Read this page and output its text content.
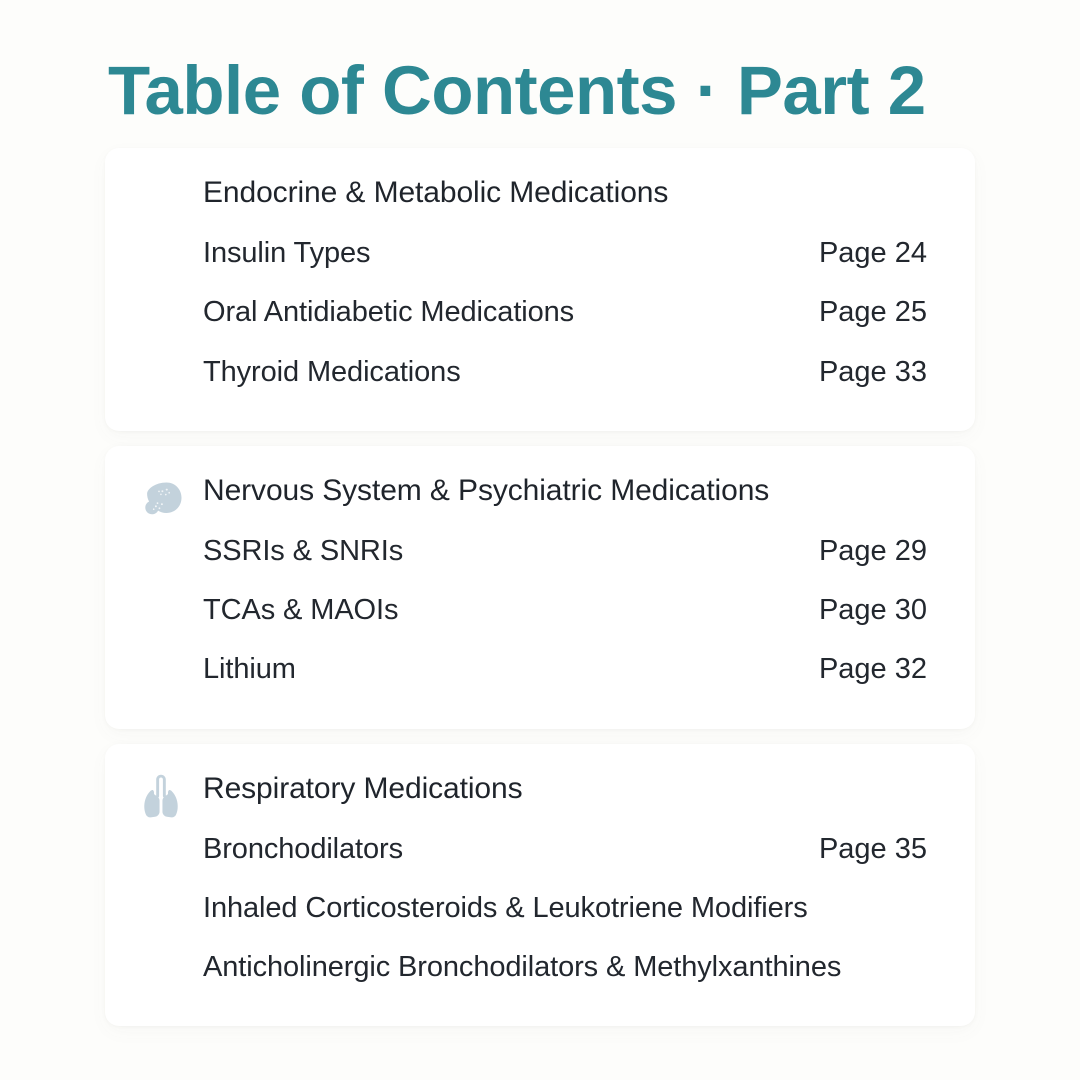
Table of Contents · Part 2
Endocrine & Metabolic Medications
Insulin Types	Page 24
Oral Antidiabetic Medications	Page 25
Thyroid Medications	Page 33
Nervous System & Psychiatric Medications
SSRIs & SNRIs	Page 29
TCAs & MAOIs	Page 30
Lithium	Page 32
Respiratory Medications
Bronchodilators	Page 35
Inhaled Corticosteroids & Leukotriene Modifiers
Anticholinergic Bronchodilators & Methylxanthines
